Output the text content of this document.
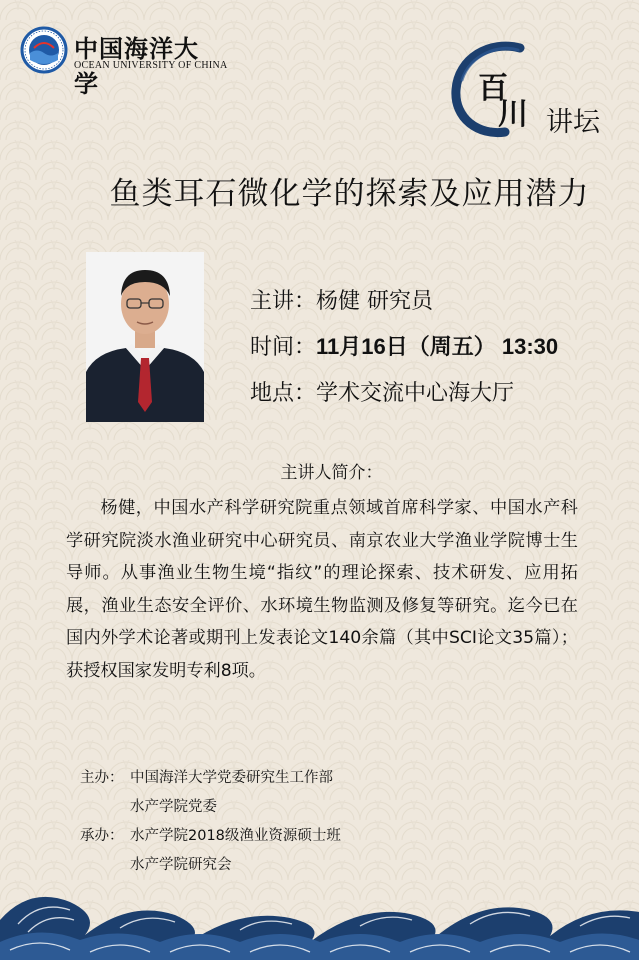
中国海洋大学
OCEAN UNIVERSITY OF CHINA
百
川 讲坛
鱼类耳石微化学的探索及应用潜力
主讲：杨健 研究员
时间：11月16日（周五） 13:30
地点：学术交流中心海大厅
主讲人简介：
杨健，中国水产科学研究院重点领域首席科学家、中国水产科学研究院淡水渔业研究中心研究员、南京农业大学渔业学院博士生导师。从事渔业生物生境“指纹”的理论探索、技术研发、应用拓展，渔业生态安全评价、水环境生物监测及修复等研究。迄今已在国内外学术论著或期刊上发表论文140余篇（其中SCI论文35篇）；获授权国家发明专利8项。
主办： 中国海洋大学党委研究生工作部
水产学院党委
承办： 水产学院2018级渔业资源硕士班
水产学院研究会
